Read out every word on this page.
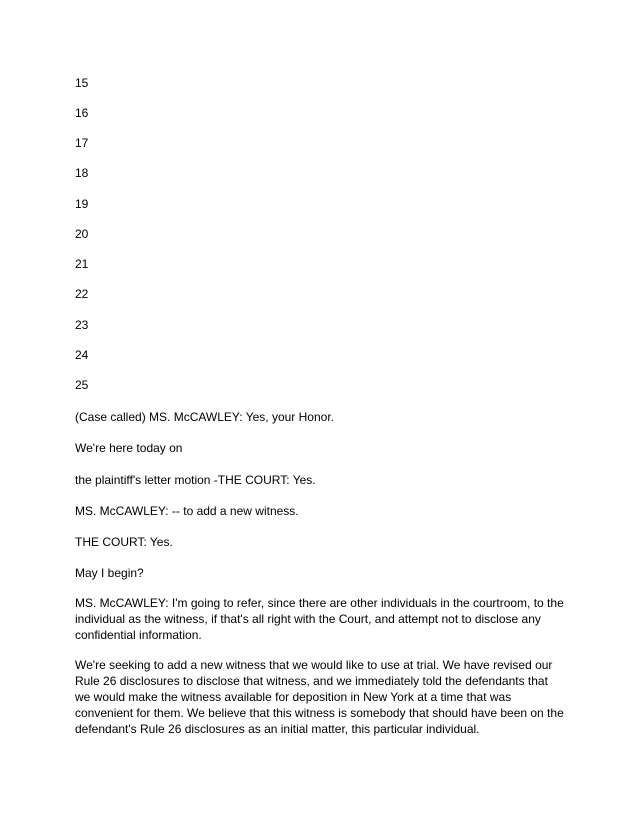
15
16
17
18
19
20
21
22
23
24
25
(Case called) MS. McCAWLEY: Yes, your Honor.
We're here today on
the plaintiff's letter motion -THE COURT: Yes.
MS. McCAWLEY: -- to add a new witness.
THE COURT: Yes.
May I begin?
MS. McCAWLEY: I'm going to refer, since there are other individuals in the courtroom, to the individual as the witness, if that's all right with the Court, and attempt not to disclose any confidential information.
We're seeking to add a new witness that we would like to use at trial. We have revised our Rule 26 disclosures to disclose that witness, and we immediately told the defendants that we would make the witness available for deposition in New York at a time that was convenient for them. We believe that this witness is somebody that should have been on the defendant's Rule 26 disclosures as an initial matter, this particular individual.
